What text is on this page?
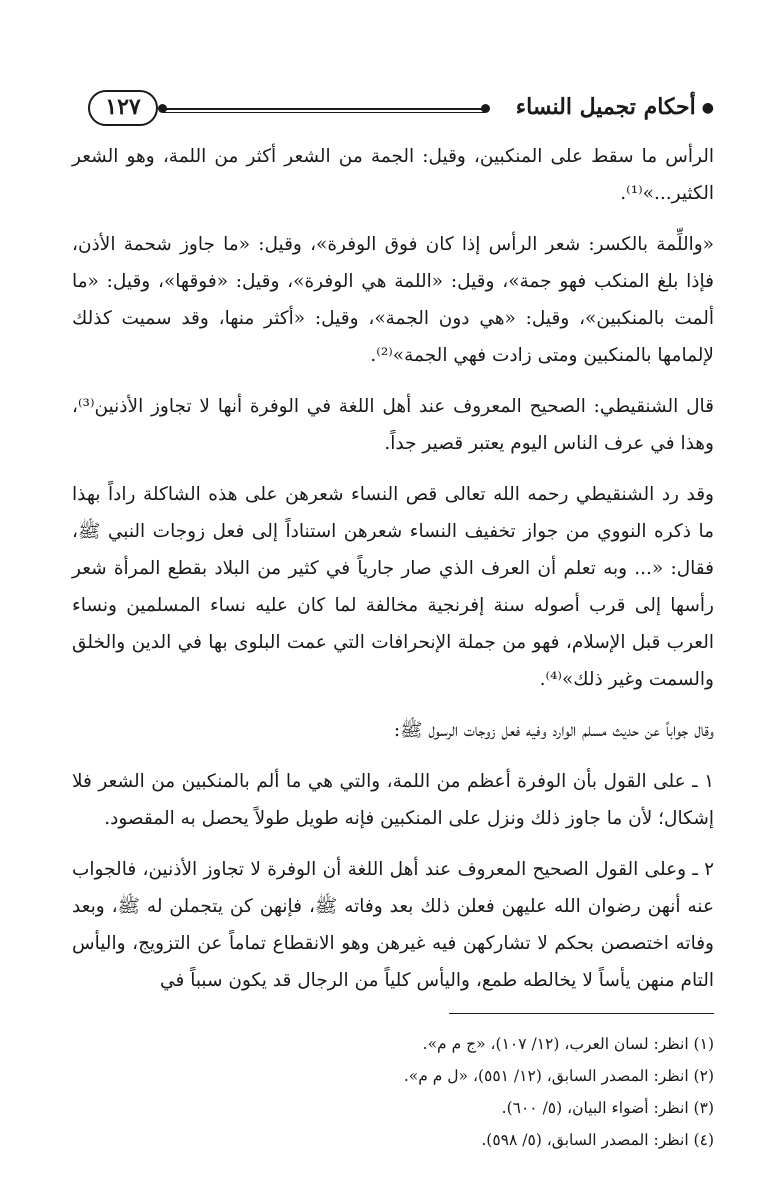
● أحكام تجميل النساء
١٢٧

الرأس ما سقط على المنكبين، وقيل: الجمة من الشعر أكثر من اللمة، وهو الشعر الكثير...»⁽¹⁾.

«واللِّمة بالكسر: شعر الرأس إذا كان فوق الوفرة»، وقيل: «ما جاوز شحمة الأذن، فإذا بلغ المنكب فهو جمة»، وقيل: «اللمة هي الوفرة»، وقيل: «فوقها»، وقيل: «ما ألمت بالمنكبين»، وقيل: «هي دون الجمة»، وقيل: «أكثر منها، وقد سميت كذلك لإلمامها بالمنكبين ومتى زادت فهي الجمة»⁽²⁾.

قال الشنقيطي: الصحيح المعروف عند أهل اللغة في الوفرة أنها لا تجاوز الأذنين⁽³⁾، وهذا في عرف الناس اليوم يعتبر قصير جداً.

وقد رد الشنقيطي رحمه الله تعالى قص النساء شعرهن على هذه الشاكلة راداً بهذا ما ذكره النووي من جواز تخفيف النساء شعرهن استناداً إلى فعل زوجات النبي ﷺ، فقال: «... وبه تعلم أن العرف الذي صار جارياً في كثير من البلاد بقطع المرأة شعر رأسها إلى قرب أصوله سنة إفرنجية مخالفة لما كان عليه نساء المسلمين ونساء العرب قبل الإسلام، فهو من جملة الإنحرافات التي عمت البلوى بها في الدين والخلق والسمت وغير ذلك»⁽⁴⁾.

وقال جواباً عن حديث مسلم الوارد وفيه فعل زوجات الرسول ﷺ:

١ ـ على القول بأن الوفرة أعظم من اللمة، والتي هي ما ألم بالمنكبين من الشعر فلا إشكال؛ لأن ما جاوز ذلك ونزل على المنكبين فإنه طويل طولاً يحصل به المقصود.

٢ ـ وعلى القول الصحيح المعروف عند أهل اللغة أن الوفرة لا تجاوز الأذنين، فالجواب عنه أنهن رضوان الله عليهن فعلن ذلك بعد وفاته ﷺ، فإنهن كن يتجملن له ﷺ، وبعد وفاته اختصصن بحكم لا تشاركهن فيه غيرهن وهو الانقطاع تماماً عن التزويج، واليأس التام منهن يأساً لا يخالطه طمع، واليأس كلياً من الرجال قد يكون سبباً في

(١) انظر: لسان العرب، (١٢/ ١٠٧)، «ج م م».
(٢) انظر: المصدر السابق، (١٢/ ٥٥١)، «ل م م».
(٣) انظر: أضواء البيان، (٥/ ٦٠٠).
(٤) انظر: المصدر السابق، (٥/ ٥٩٨).
